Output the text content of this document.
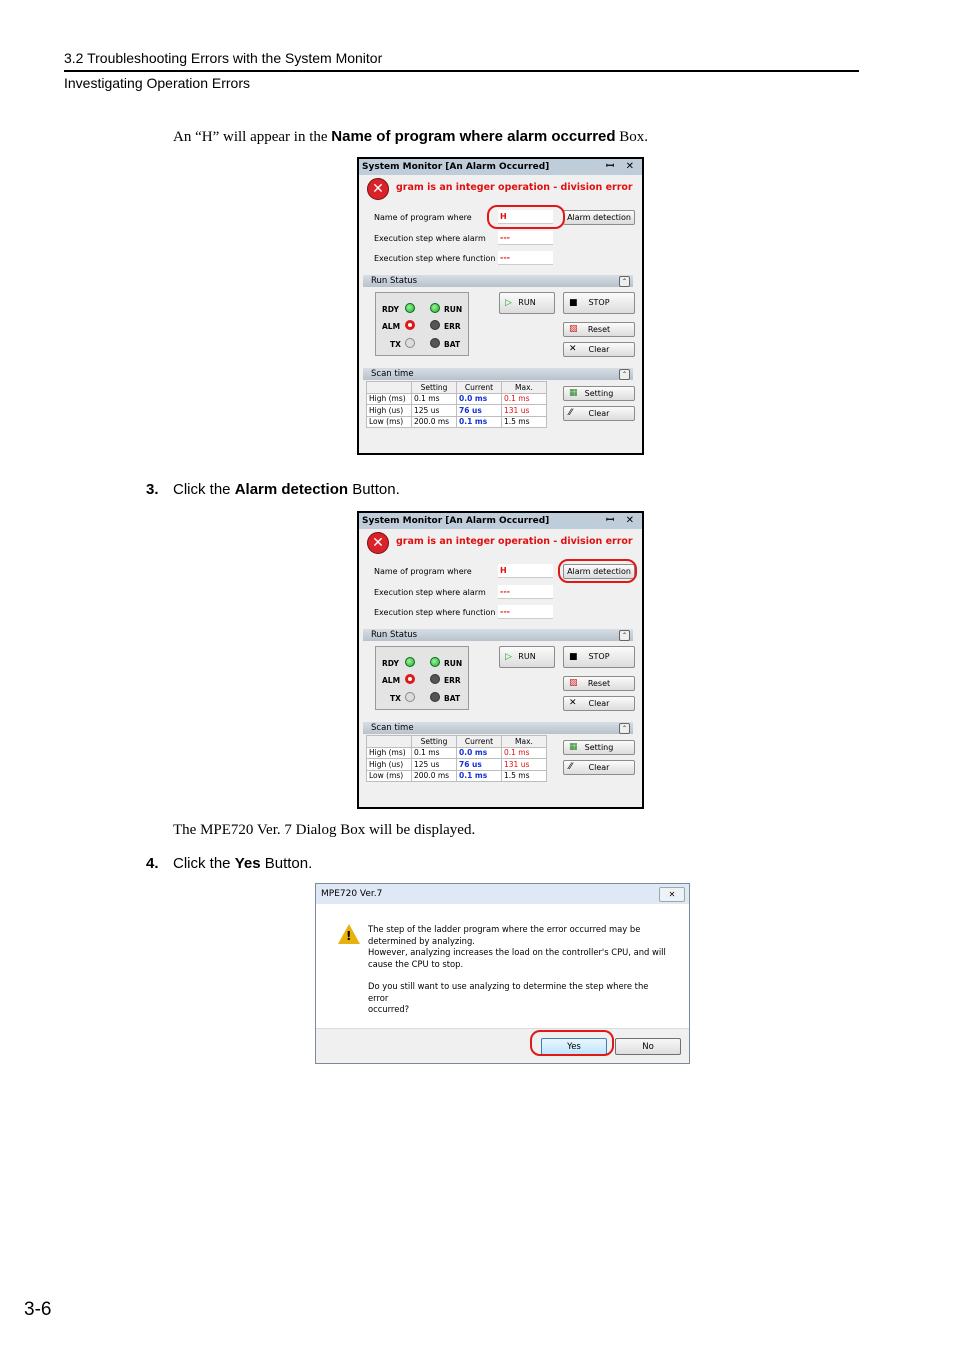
3.2 Troubleshooting Errors with the System Monitor
Investigating Operation Errors
An “H” will appear in the Name of program where alarm occurred Box.
System Monitor [An Alarm Occurred]	ꟷ ✕
✕	gram is an integer operation - division error
Name of program where	H	Alarm detection
Execution step where alarm ---
Execution step where function ---
Run Status	⌃
RDY	RUN
ALM	ERR
TX	BAT
▷ RUN	■ STOP
▨ Reset
✕ Clear
Scan time	⌃
	Setting	Current	Max.
High (ms)	0.1 ms	0.0 ms	0.1 ms
High (us)	125 us	76 us	131 us
Low (ms)	200.0 ms	0.1 ms	1.5 ms
▦ Setting
⁄⁄ Clear
3. Click the Alarm detection Button.
System Monitor [An Alarm Occurred]	ꟷ ✕
✕	gram is an integer operation - division error
Name of program where	H	Alarm detection
Execution step where alarm ---
Execution step where function ---
Run Status	⌃
RDY	RUN
ALM	ERR
TX	BAT
▷ RUN	■ STOP
▨ Reset
✕ Clear
Scan time	⌃
	Setting	Current	Max.
High (ms)	0.1 ms	0.0 ms	0.1 ms
High (us)	125 us	76 us	131 us
Low (ms)	200.0 ms	0.1 ms	1.5 ms
▦ Setting
⁄⁄ Clear
The MPE720 Ver. 7 Dialog Box will be displayed.
4. Click the Yes Button.
MPE720 Ver.7	✕
! The step of the ladder program where the error occurred may be
determined by analyzing.
However, analyzing increases the load on the controller's CPU, and will
cause the CPU to stop.
Do you still want to use analyzing to determine the step where the error
occurred?
Yes	No
3-6
